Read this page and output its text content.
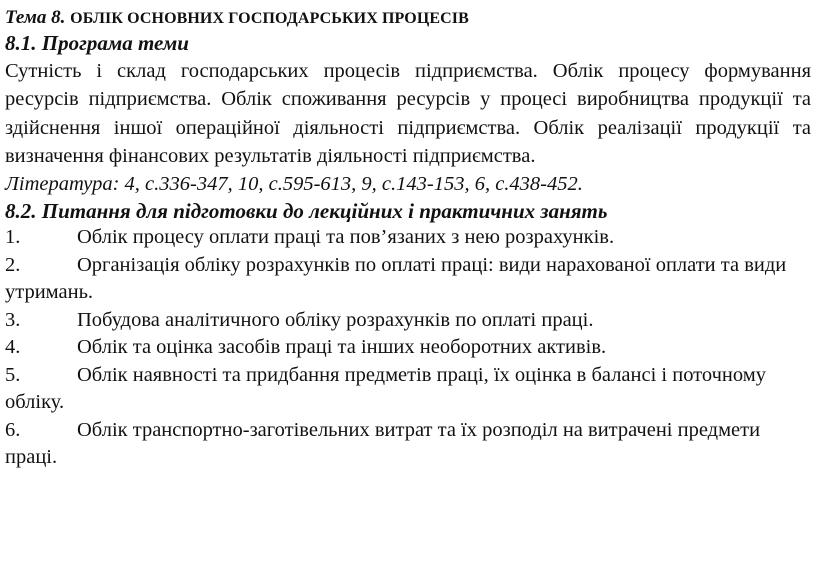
Тема 8. ОБЛІК ОСНОВНИХ ГОСПОДАРСЬКИХ ПРОЦЕСІВ

8.1. Програма теми

Сутність і склад господарських процесів підприємства. Облік процесу формування ресурсів підприємства. Облік споживання ресурсів у процесі виробництва продукції та здійснення іншої операційної діяльності підприємства. Облік реалізації продукції та визначення фінансових результатів діяльності підприємства.

Література: 4, с.336-347, 10, с.595-613, 9, с.143-153, 6, с.438-452.

8.2. Питання для підготовки до лекційних і практичних занять

1.	Облік процесу оплати праці та пов’язаних з нею розрахунків.
2.	Організація обліку розрахунків по оплаті праці: види нарахованої оплати та види утримань.
3.	Побудова аналітичного обліку розрахунків по оплаті праці.
4.	Облік та оцінка засобів праці та інших необоротних активів.
5.	Облік наявності та придбання предметів праці, їх оцінка в балансі і поточному обліку.
6.	Облік транспортно-заготівельних витрат та їх розподіл на витрачені предмети праці.
